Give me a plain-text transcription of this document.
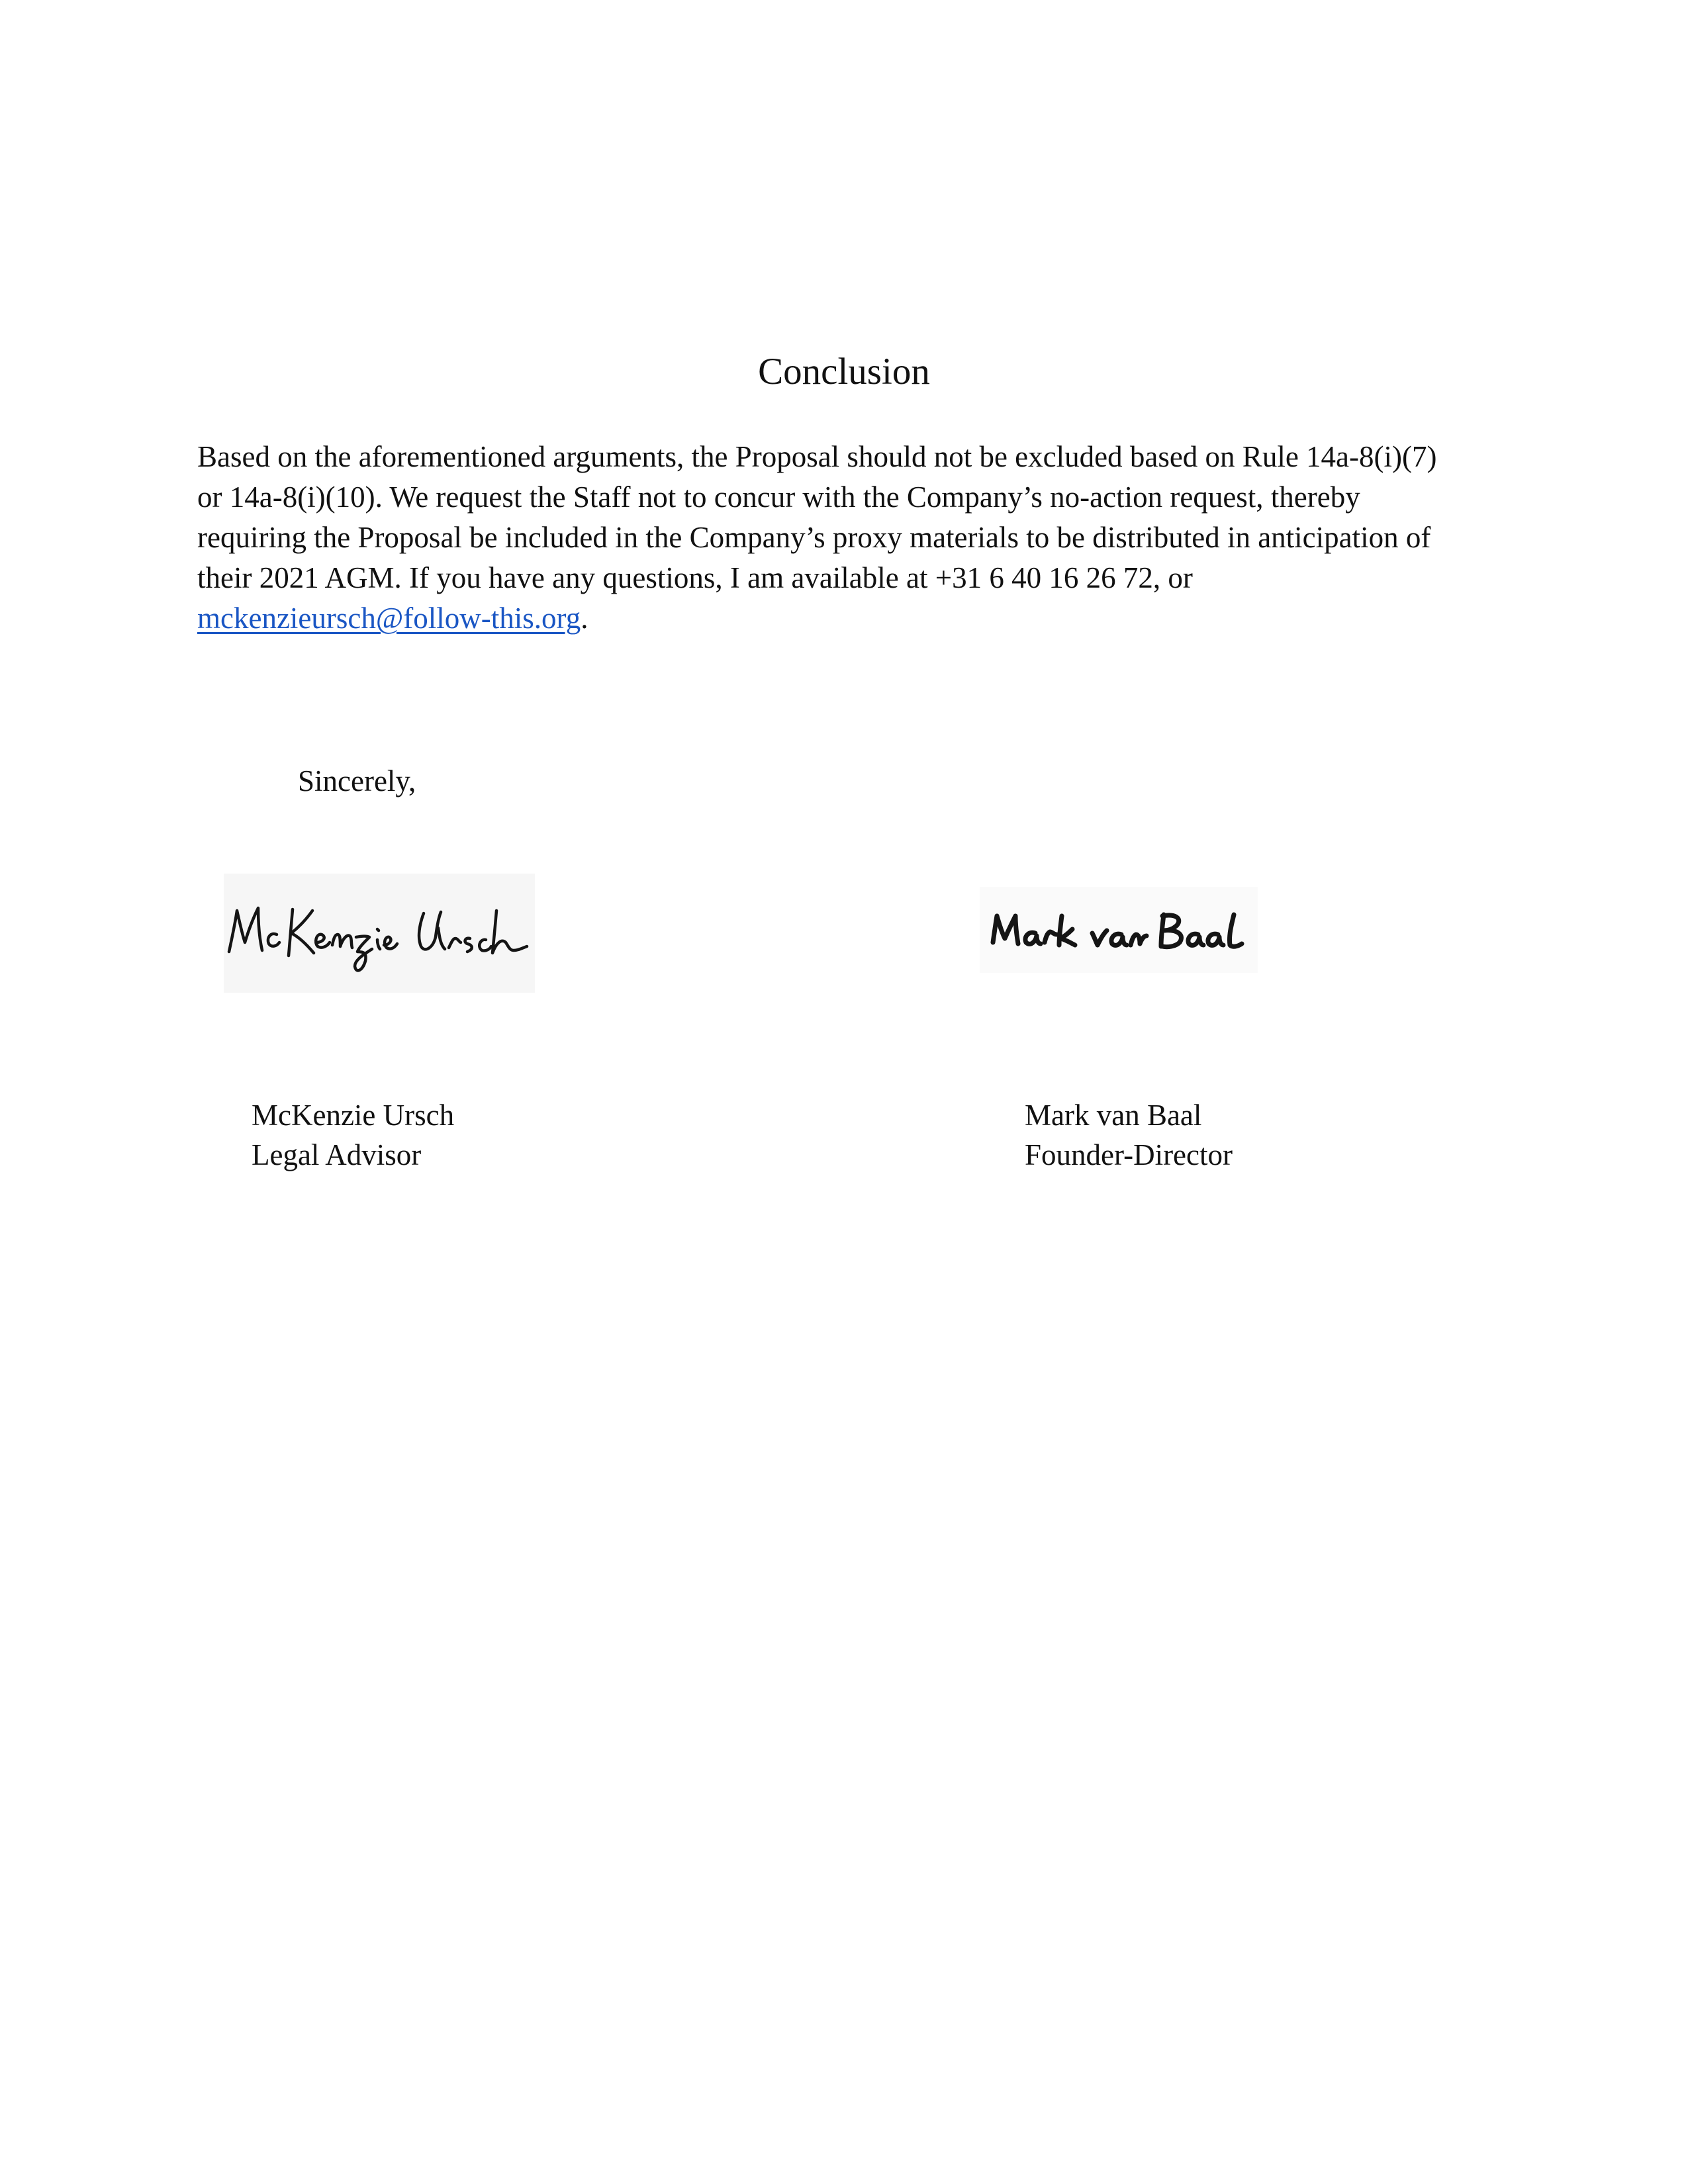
Conclusion

Based on the aforementioned arguments, the Proposal should not be excluded based on Rule 14a-8(i)(7)
or 14a-8(i)(10). We request the Staff not to concur with the Company’s no-action request, thereby
requiring the Proposal be included in the Company’s proxy materials to be distributed in anticipation of
their 2021 AGM. If you have any questions, I am available at +31 6 40 16 26 72, or
mckenzieursch@follow-this.org.

Sincerely,

McKenzie Ursch
Legal Advisor
Mark van Baal
Founder-Director
